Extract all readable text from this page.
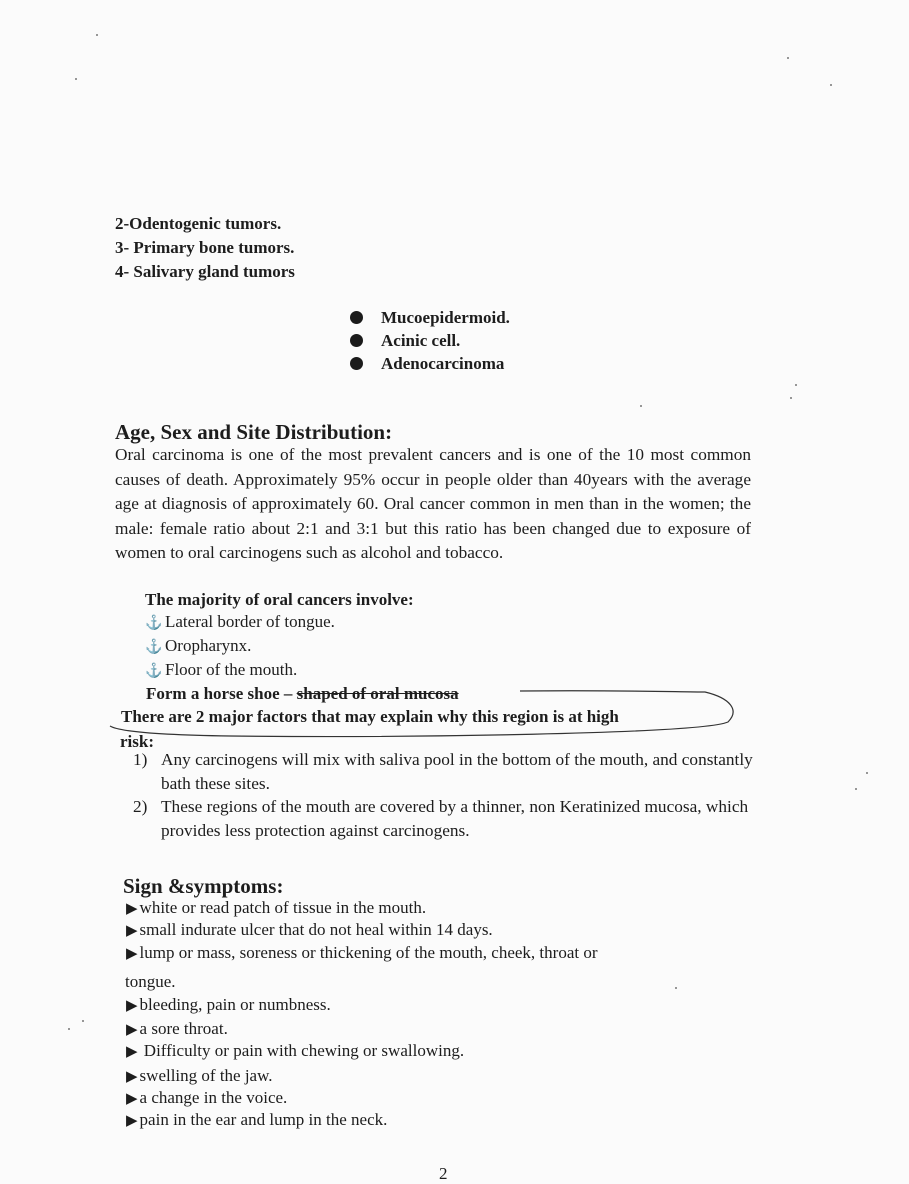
2-Odentogenic tumors.
3- Primary bone tumors.
4- Salivary gland tumors
Mucoepidermoid.
Acinic cell.
Adenocarcinoma
Age, Sex and Site Distribution:
Oral carcinoma is one of the most prevalent cancers and is one of the 10 most common causes of death. Approximately 95% occur in people older than 40years with the average age at diagnosis of approximately 60. Oral cancer common in men than in the women; the male: female ratio about 2:1 and 3:1 but this ratio has been changed due to exposure of women to oral carcinogens such as alcohol and tobacco.
The majority of oral cancers involve:
⚓ Lateral border of tongue.
⚓ Oropharynx.
⚓ Floor of the mouth.
Form a horse shoe – shaped of oral mucosa
There are 2 major factors that may explain why this region is at high
risk:
1) Any carcinogens will mix with saliva pool in the bottom of the mouth, and constantly bath these sites.
2) These regions of the mouth are covered by a thinner, non Keratinized mucosa, which provides less protection against carcinogens.
Sign &symptoms:
▶ white or read patch of tissue in the mouth.
▶ small indurate ulcer that do not heal within 14 days.
▶ lump or mass, soreness or thickening of the mouth, cheek, throat or
tongue.
▶ bleeding, pain or numbness.
▶ a sore throat.
▶ Difficulty or pain with chewing or swallowing.
▶ swelling of the jaw.
▶ a change in the voice.
▶ pain in the ear and lump in the neck.
2
